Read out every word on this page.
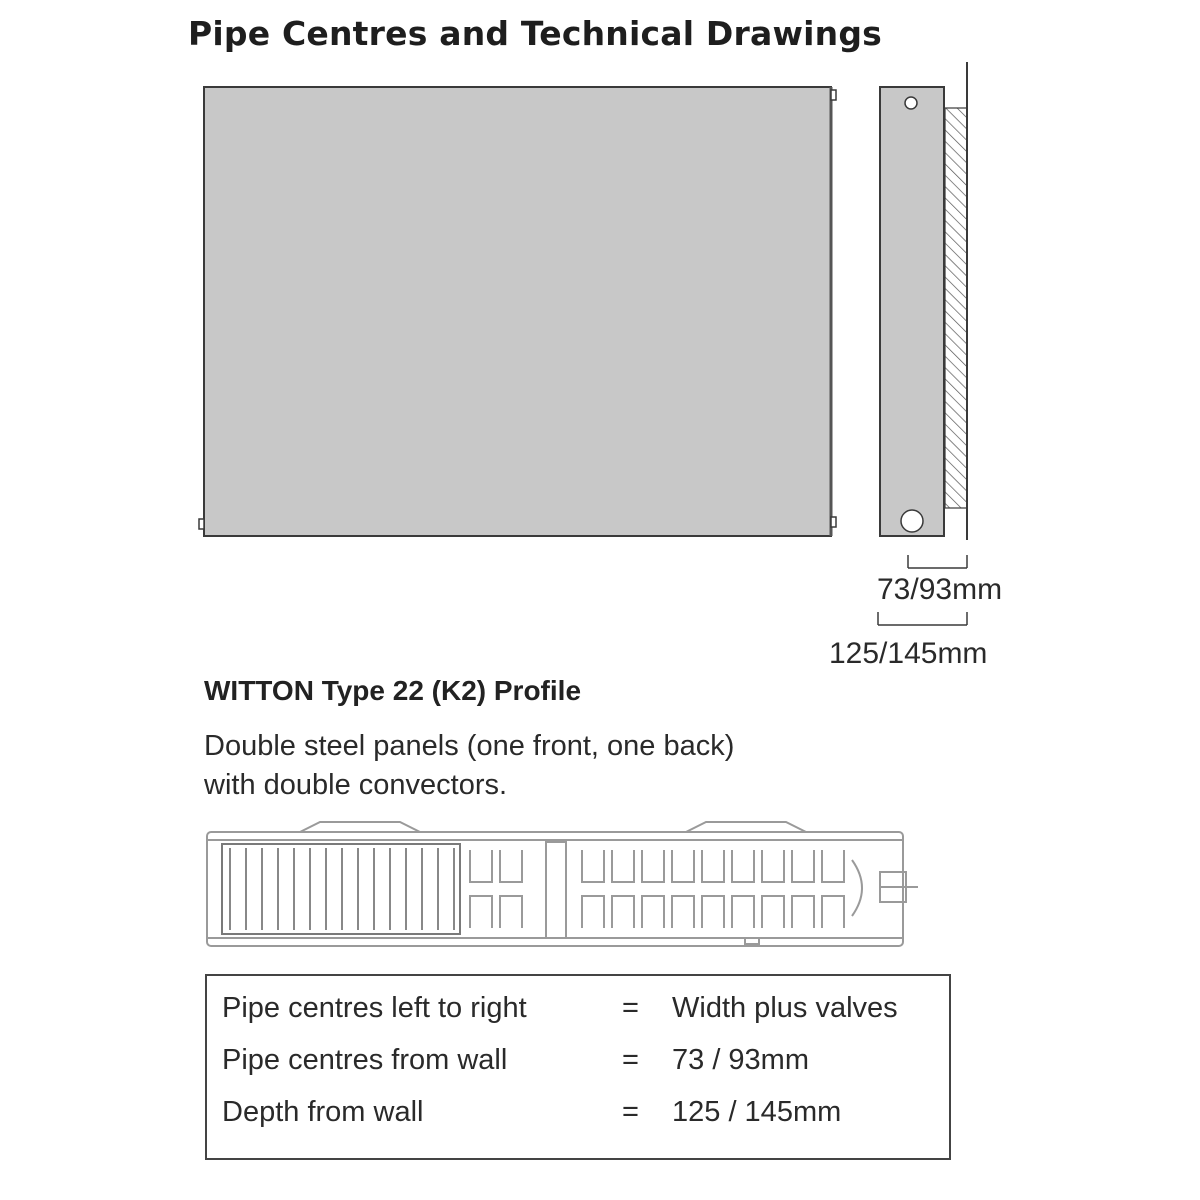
Pipe Centres and Technical Drawings
73/93mm
125/145mm
WITTON Type 22 (K2) Profile
Double steel panels (one front, one back)
with double convectors.
Pipe centres left to right	= Width plus valves
Pipe centres from wall	= 73 / 93mm
Depth from wall	= 125 / 145mm
